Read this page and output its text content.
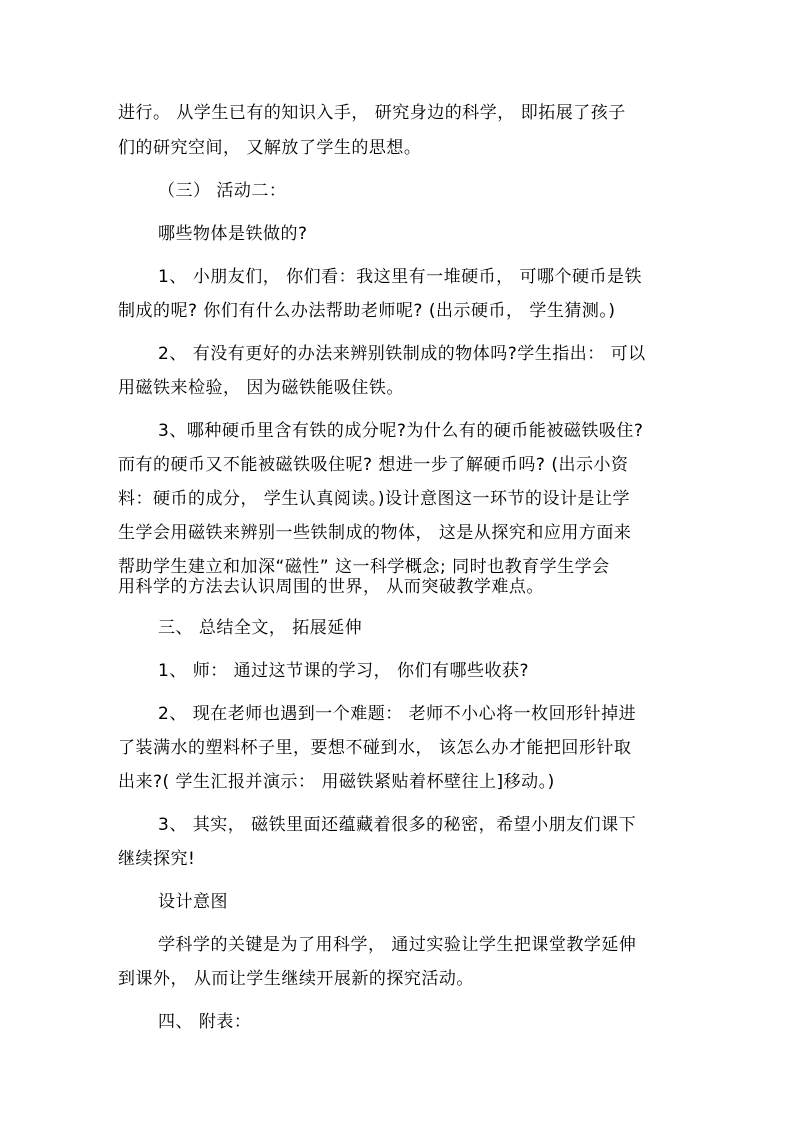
进行。 从学生已有的知识入手， 研究身边的科学， 即拓展了孩子
们的研究空间， 又解放了学生的思想。
（三） 活动二：
哪些物体是铁做的?
1、 小朋友们， 你们看：我这里有一堆硬币， 可哪个硬币是铁
制成的呢? 你们有什么办法帮助老师呢? (出示硬币， 学生猜测。)
2、 有没有更好的办法来辨别铁制成的物体吗?学生指出： 可以
用磁铁来检验， 因为磁铁能吸住铁。
3、哪种硬币里含有铁的成分呢?为什么有的硬币能被磁铁吸住?
而有的硬币又不能被磁铁吸住呢? 想进一步了解硬币吗? (出示小资
料：硬币的成分， 学生认真阅读。)设计意图这一环节的设计是让学
生学会用磁铁来辨别一些铁制成的物体， 这是从探究和应用方面来
帮助学生建立和加深“磁性” 这一科学概念; 同时也教育学生学会
用科学的方法去认识周围的世界， 从而突破教学难点。
三、 总结全文， 拓展延伸
1、 师： 通过这节课的学习， 你们有哪些收获?
2、 现在老师也遇到一个难题： 老师不小心将一枚回形针掉进
了装满水的塑料杯子里，要想不碰到水， 该怎么办才能把回形针取
出来?( 学生汇报并演示： 用磁铁紧贴着杯壁往上]移动。)
3、 其实， 磁铁里面还蕴藏着很多的秘密，希望小朋友们课下
继续探究!
设计意图
学科学的关键是为了用科学， 通过实验让学生把课堂教学延伸
到课外， 从而让学生继续开展新的探究活动。
四、 附表：
